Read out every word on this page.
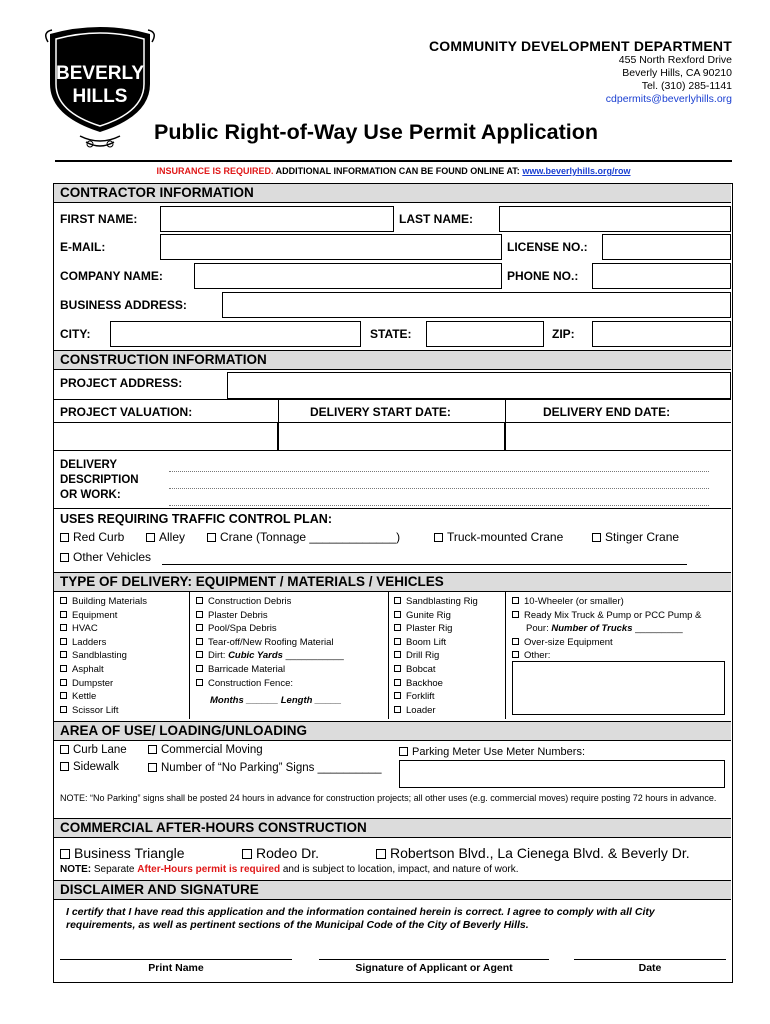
BEVERLY
HILLS
COMMUNITY DEVELOPMENT DEPARTMENT
455 North Rexford Drive
Beverly Hills, CA 90210
Tel. (310) 285-1141
cdpermits@beverlyhills.org
Public Right-of-Way Use Permit Application
INSURANCE IS REQUIRED. ADDITIONAL INFORMATION CAN BE FOUND ONLINE AT: www.beverlyhills.org/row
CONTRACTOR INFORMATION
FIRST NAME:	LAST NAME:
E-MAIL:	LICENSE NO.:
COMPANY NAME:	PHONE NO.:
BUSINESS ADDRESS:
CITY:	STATE:	ZIP:
CONSTRUCTION INFORMATION
PROJECT ADDRESS:
PROJECT VALUATION:	DELIVERY START DATE:	DELIVERY END DATE:
DELIVERY
DESCRIPTION
OR WORK:
USES REQUIRING TRAFFIC CONTROL PLAN:
Red Curb	Alley	Crane (Tonnage _____________)	Truck-mounted Crane	Stinger Crane
Other Vehicles
TYPE OF DELIVERY: EQUIPMENT / MATERIALS / VEHICLES
Building Materials
Equipment
HVAC
Ladders
Sandblasting
Asphalt
Dumpster
Kettle
Scissor Lift
Construction Debris
Plaster Debris
Pool/Spa Debris
Tear-off/New Roofing Material
Dirt: Cubic Yards ___________
Barricade Material
Construction Fence:
Months ______ Length _____
Sandblasting Rig
Gunite Rig
Plaster Rig
Boom Lift
Drill Rig
Bobcat
Backhoe
Forklift
Loader
10-Wheeler (or smaller)
Ready Mix Truck & Pump or PCC Pump &
Pour: Number of Trucks _________
Over-size Equipment
Other:
AREA OF USE/ LOADING/UNLOADING
Curb Lane
Sidewalk
Commercial Moving
Number of “No Parking” Signs __________
Parking Meter Use Meter Numbers:
NOTE: “No Parking” signs shall be posted 24 hours in advance for construction projects; all other uses (e.g. commercial moves) require posting 72 hours in advance.
COMMERCIAL AFTER-HOURS CONSTRUCTION
Business Triangle	Rodeo Dr.	Robertson Blvd., La Cienega Blvd. & Beverly Dr.
NOTE: Separate After-Hours permit is required and is subject to location, impact, and nature of work.
DISCLAIMER AND SIGNATURE
I certify that I have read this application and the information contained herein is correct. I agree to comply with all City requirements, as well as pertinent sections of the Municipal Code of the City of Beverly Hills.
Print Name	Signature of Applicant or Agent	Date
